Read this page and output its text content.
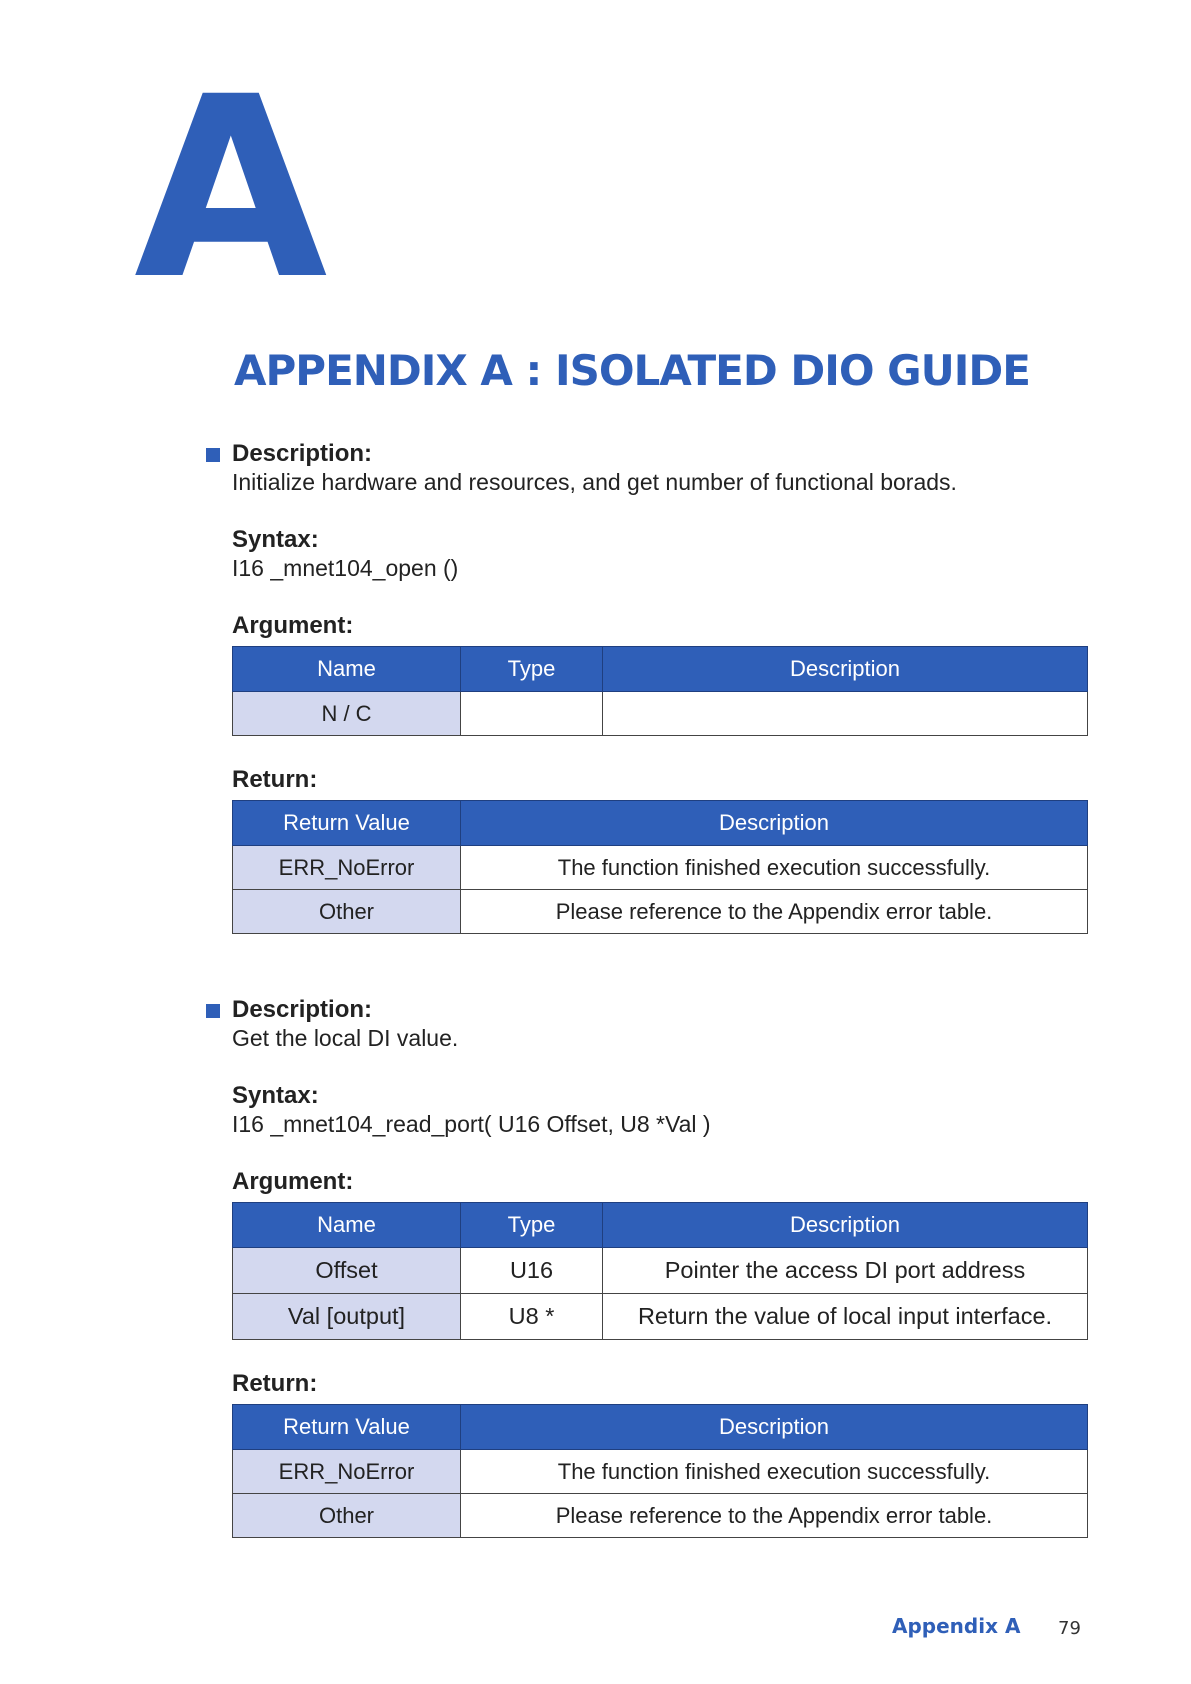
A
APPENDIX A : ISOLATED DIO GUIDE
Description:
Initialize hardware and resources, and get number of functional borads.
Syntax:
I16 _mnet104_open ()
Argument:
Name	Type	Description
N / C		
Return:
Return Value	Description
ERR_NoError	The function finished execution successfully.
Other	Please reference to the Appendix error table.
Description:
Get the local DI value.
Syntax:
I16 _mnet104_read_port( U16 Offset, U8 *Val )
Argument:
Name	Type	Description
Offset	U16	Pointer the access DI port address
Val [output]	U8 *	Return the value of local input interface.
Return:
Return Value	Description
ERR_NoError	The function finished execution successfully.
Other	Please reference to the Appendix error table.
Appendix A 79
